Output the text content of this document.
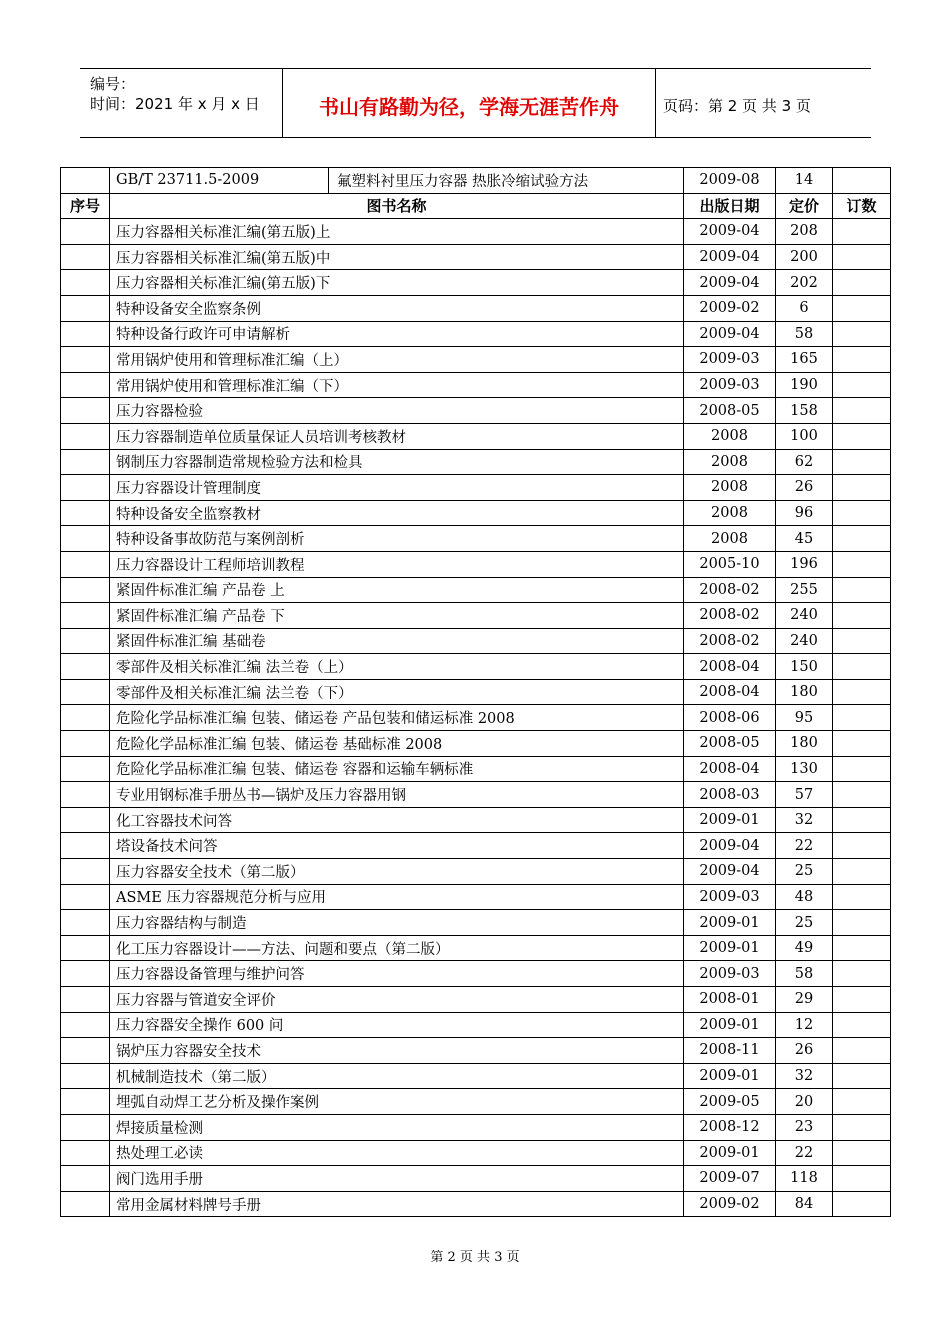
编号：
时间：2021 年 x 月 x 日	书山有路勤为径，学海无涯苦作舟	页码：第 2 页 共 3 页

GB/T 23711.5-2009 氟塑料衬里压力容器 热胀冷缩试验方法	2009-08	14	
序号	图书名称	出版日期	定价	订数
	压力容器相关标准汇编(第五版)上	2009-04	208	
	压力容器相关标准汇编(第五版)中	2009-04	200	
	压力容器相关标准汇编(第五版)下	2009-04	202	
	特种设备安全监察条例	2009-02	6	
	特种设备行政许可申请解析	2009-04	58	
	常用锅炉使用和管理标准汇编（上）	2009-03	165	
	常用锅炉使用和管理标准汇编（下）	2009-03	190	
	压力容器检验	2008-05	158	
	压力容器制造单位质量保证人员培训考核教材	2008	100	
	钢制压力容器制造常规检验方法和检具	2008	62	
	压力容器设计管理制度	2008	26	
	特种设备安全监察教材	2008	96	
	特种设备事故防范与案例剖析	2008	45	
	压力容器设计工程师培训教程	2005-10	196	
	紧固件标准汇编 产品卷 上	2008-02	255	
	紧固件标准汇编 产品卷 下	2008-02	240	
	紧固件标准汇编 基础卷	2008-02	240	
	零部件及相关标准汇编 法兰卷（上）	2008-04	150	
	零部件及相关标准汇编 法兰卷（下）	2008-04	180	
	危险化学品标准汇编 包装、储运卷 产品包装和储运标准 2008	2008-06	95	
	危险化学品标准汇编 包装、储运卷 基础标准 2008	2008-05	180	
	危险化学品标准汇编 包装、储运卷 容器和运输车辆标准	2008-04	130	
	专业用钢标准手册丛书—锅炉及压力容器用钢	2008-03	57	
	化工容器技术问答	2009-01	32	
	塔设备技术问答	2009-04	22	
	压力容器安全技术（第二版）	2009-04	25	
	ASME 压力容器规范分析与应用	2009-03	48	
	压力容器结构与制造	2009-01	25	
	化工压力容器设计——方法、问题和要点（第二版）	2009-01	49	
	压力容器设备管理与维护问答	2009-03	58	
	压力容器与管道安全评价	2008-01	29	
	压力容器安全操作 600 问	2009-01	12	
	锅炉压力容器安全技术	2008-11	26	
	机械制造技术（第二版）	2009-01	32	
	埋弧自动焊工艺分析及操作案例	2009-05	20	
	焊接质量检测	2008-12	23	
	热处理工必读	2009-01	22	
	阀门选用手册	2009-07	118	
	常用金属材料牌号手册	2009-02	84	
第 2 页 共 3 页
